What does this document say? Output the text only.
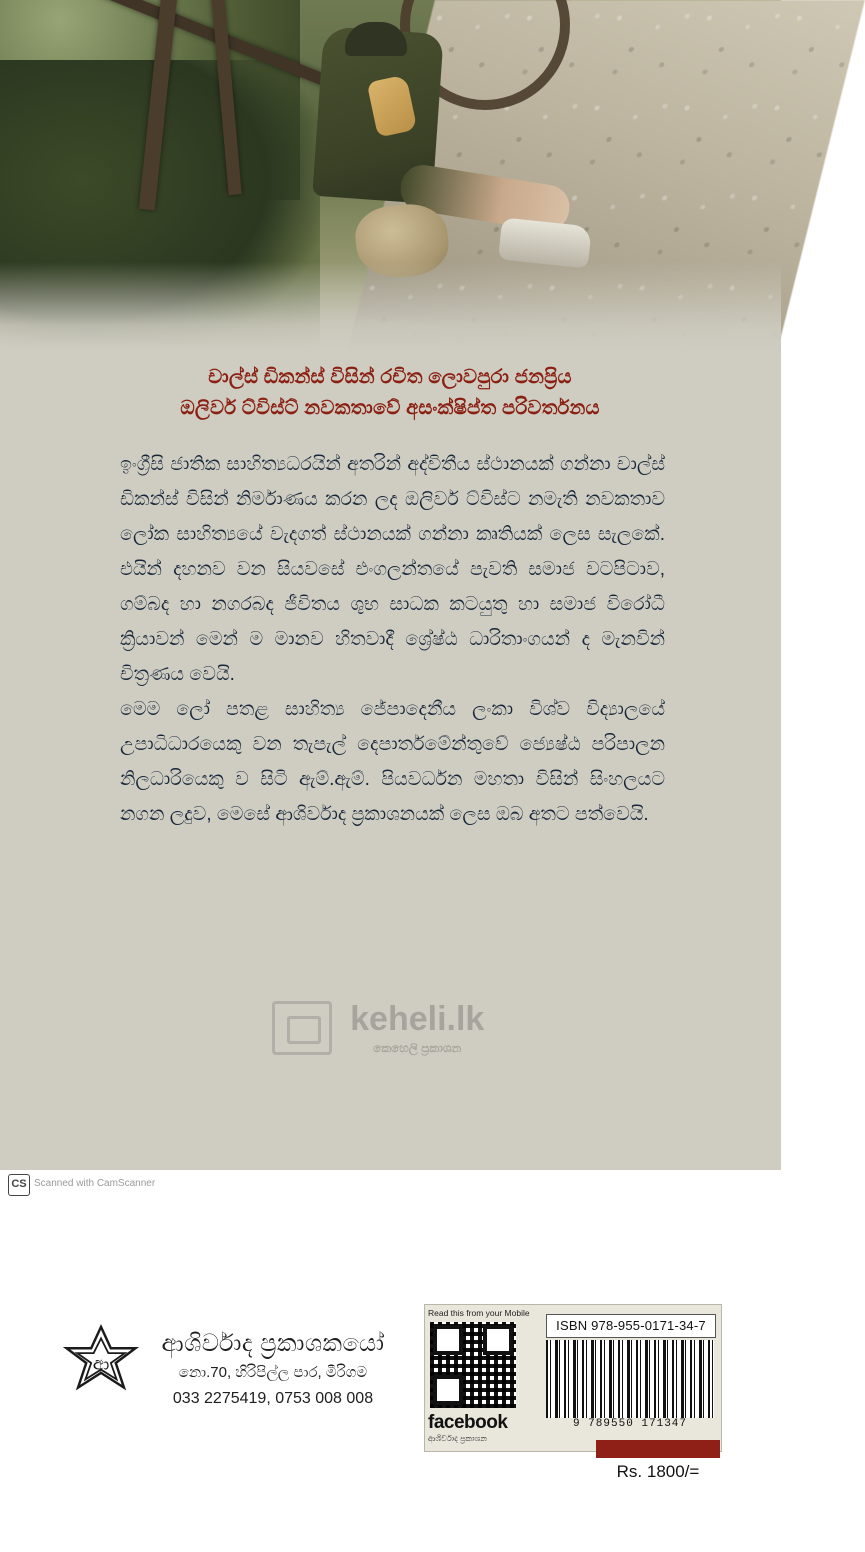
චාල්ස් ඩිකන්ස් විසින් රචිත ලොවපුරා ජනප්‍රිය
ඔලිවර් ට්විස්ට් නවකතාවේ අසංක්ෂිප්ත පරිවර්තනය

ඉංග්‍රීසි ජාතික සාහිත්‍යධරයින් අතරින් අද්විතීය ස්ථානයක් ගන්නා චාල්ස් ඩිකන්ස් විසින් නිර්මාණය කරන ලද ඔලිවර් ට්විස්ට නමැති නවකතාව ලෝක සාහිත්‍යයේ වැදගත් ස්ථානයක් ගන්නා කෘතියක් ලෙස සැලකේ. එයින් දහනව වන සියවසේ එංගලන්තයේ පැවති සමාජ වටපිටාව, ගම්බද හා නගරබද ජීවිතය ශුභ සාධක කටයුතු හා සමාජ විරෝධී ක්‍රියාවන් මෙන් ම මානව හිතවාදී ශ්‍රේෂ්ඨ ධාරිතාංගයන් ද මැනවින් චිත්‍රණය වෙයි.

මෙම ලෝ පතළ සාහිත්‍ය ජේපාදෙනීය ලංකා විශ්ව විද්‍යාලයේ උපාධිධාරයෙකු වන තැපැල් දෙපාර්තමේන්තුවේ ජ්‍යෙෂ්ඨ පරිපාලන නිලධාරියෙකු ව සිටි ඇම්.ඇම්. පියවර්ධන මහතා විසින් සිංහලයට නගන ලදුව, මෙසේ ආශිර්වාද ප්‍රකාශනයක් ලෙස ඔබ අතට පත්වෙයි.

keheli.lk
කෙහෙලි ප්‍රකාශන
ආ
ආශිර්වාද ප්‍රකාශකයෝ
නො.70, හිරිපිල්ල පාර, මීරිගම
033 2275419, 0753 008 008
Read this from your Mobile
facebook
ආශිර්වාද ප්‍රකාශන
ISBN 978-955-0171-34-7
9 789550 171347
Rs. 1800/=
CS Scanned with CamScanner
